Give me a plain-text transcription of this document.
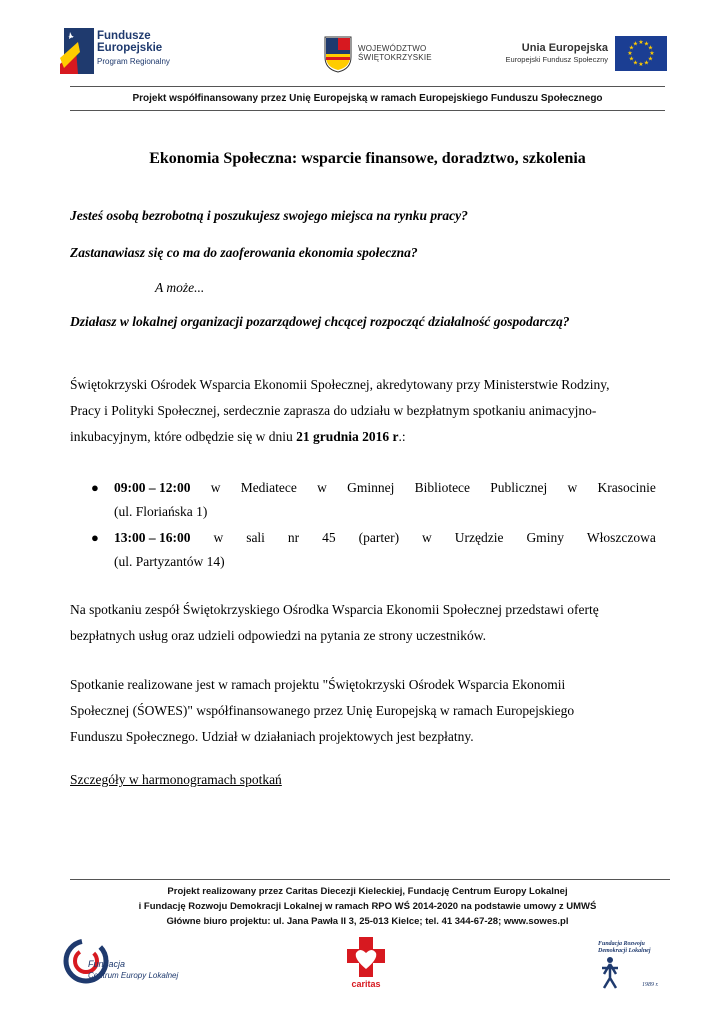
Fundusze
Europejskie
Program Regionalny
WOJEWÓDZTWO
ŚWIĘTOKRZYSKIE
Unia Europejska
Europejski Fundusz Społeczny
★ ★
★
★
★
★
★
★
★
★
★
★
Projekt współfinansowany przez Unię Europejską w ramach Europejskiego Funduszu Społecznego
Ekonomia Społeczna: wsparcie finansowe, doradztwo, szkolenia
Jesteś osobą bezrobotną i poszukujesz swojego miejsca na rynku pracy?
Zastanawiasz się co ma do zaoferowania ekonomia społeczna?
A może...
Działasz w lokalnej organizacji pozarządowej chcącej rozpocząć działalność gospodarczą?
Świętokrzyski Ośrodek Wsparcia Ekonomii Społecznej, akredytowany przy Ministerstwie Rodziny,
Pracy i Polityki Społecznej, serdecznie zaprasza do udziału w bezpłatnym spotkaniu animacyjno-
inkubacyjnym, które odbędzie się w dniu 21 grudnia 2016 r.:
● 09:00 – 12:00 w Mediatece w Gminnej Bibliotece Publicznej w Krasocinie
(ul. Floriańska 1)
● 13:00 – 16:00 w sali nr 45 (parter) w Urzędzie Gminy Włoszczowa
(ul. Partyzantów 14)
Na spotkaniu zespół Świętokrzyskiego Ośrodka Wsparcia Ekonomii Społecznej przedstawi ofertę
bezpłatnych usług oraz udzieli odpowiedzi na pytania ze strony uczestników.
Spotkanie realizowane jest w ramach projektu "Świętokrzyski Ośrodek Wsparcia Ekonomii
Społecznej (ŚOWES)" współfinansowanego przez Unię Europejską w ramach Europejskiego
Funduszu Społecznego. Udział w działaniach projektowych jest bezpłatny.
Szczegóły w harmonogramach spotkań
Projekt realizowany przez Caritas Diecezji Kieleckiej, Fundację Centrum Europy Lokalnej
i Fundację Rozwoju Demokracji Lokalnej w ramach RPO WŚ 2014-2020 na podstawie umowy z UMWŚ
Główne biuro projektu: ul. Jana Pawła II 3, 25-013 Kielce; tel. 41 344-67-28; www.sowes.pl
Fundacja
Centrum Europy Lokalnej
caritas
Fundacja Rozwoju
Demokracji Lokalnej
1989 r.
